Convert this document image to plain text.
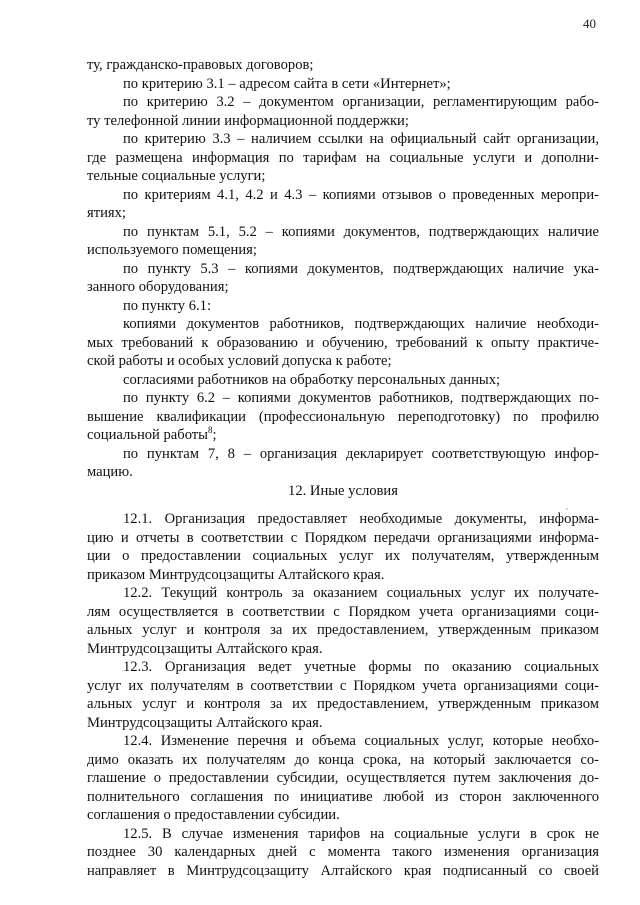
40

ту, гражданско-правовых договоров;

по критерию 3.1 – адресом сайта в сети «Интернет»;

по критерию 3.2 – документом организации, регламентирующим рабо-

ту телефонной линии информационной поддержки;

по критерию 3.3 – наличием ссылки на официальный сайт организации,

где размещена информация по тарифам на социальные услуги и дополни-

тельные социальные услуги;

по критериям 4.1, 4.2 и 4.3 – копиями отзывов о проведенных меропри-

ятиях;

по пунктам 5.1, 5.2 – копиями документов, подтверждающих наличие

используемого помещения;

по пункту 5.3 – копиями документов, подтверждающих наличие ука-

занного оборудования;

по пункту 6.1:

копиями документов работников, подтверждающих наличие необходи-

мых требований к образованию и обучению, требований к опыту практиче-

ской работы и особых условий допуска к работе;

согласиями работников на обработку персональных данных;

по пункту 6.2 – копиями документов работников, подтверждающих по-

вышение квалификации (профессиональную переподготовку) по профилю

социальной работы$^8$;

по пунктам 7, 8 – организация декларирует соответствующую инфор-

мацию.

12. Иные условия

12.1. Организация предоставляет необходимые документы, информа-

цию и отчеты в соответствии с Порядком передачи организациями информа-

ции о предоставлении социальных услуг их получателям, утвержденным

приказом Минтрудсоцзащиты Алтайского края.

12.2. Текущий контроль за оказанием социальных услуг их получате-

лям осуществляется в соответствии с Порядком учета организациями соци-

альных услуг и контроля за их предоставлением, утвержденным приказом

Минтрудсоцзащиты Алтайского края.

12.3. Организация ведет учетные формы по оказанию социальных

услуг их получателям в соответствии с Порядком учета организациями соци-

альных услуг и контроля за их предоставлением, утвержденным приказом

Минтрудсоцзащиты Алтайского края.

12.4. Изменение перечня и объема социальных услуг, которые необхо-

димо оказать их получателям до конца срока, на который заключается со-

глашение о предоставлении субсидии, осуществляется путем заключения до-

полнительного соглашения по инициативе любой из сторон заключенного

соглашения о предоставлении субсидии.

12.5. В случае изменения тарифов на социальные услуги в срок не

позднее 30 календарных дней с момента такого изменения организация

направляет в Минтрудсоцзащиту Алтайского края подписанный со своей
